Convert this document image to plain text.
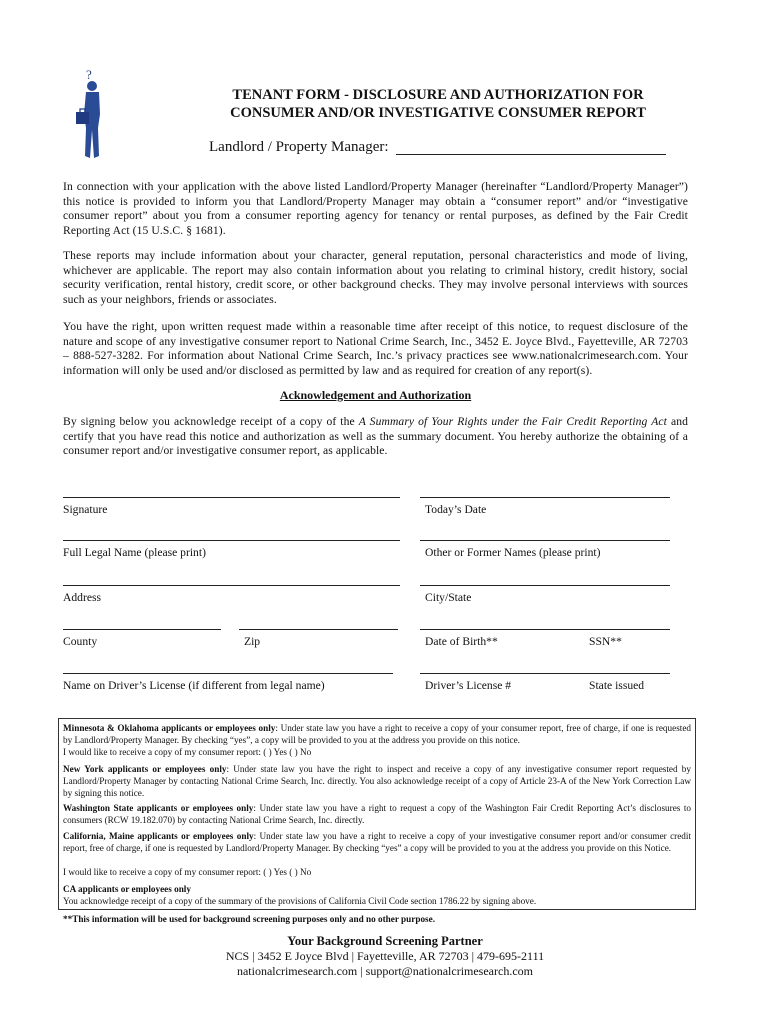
?
TENANT FORM - DISCLOSURE AND AUTHORIZATION FOR
CONSUMER AND/OR INVESTIGATIVE CONSUMER REPORT
Landlord / Property Manager:
In connection with your application with the above listed Landlord/Property Manager (hereinafter “Landlord/Property Manager”) this notice is provided to inform you that Landlord/Property Manager may obtain a “consumer report” and/or “investigative consumer report” about you from a consumer reporting agency for tenancy or rental purposes, as defined by the Fair Credit Reporting Act (15 U.S.C. § 1681).
These reports may include information about your character, general reputation, personal characteristics and mode of living, whichever are applicable. The report may also contain information about you relating to criminal history, credit history, social security verification, rental history, credit score, or other background checks. They may involve personal interviews with sources such as your neighbors, friends or associates.
You have the right, upon written request made within a reasonable time after receipt of this notice, to request disclosure of the nature and scope of any investigative consumer report to National Crime Search, Inc., 3452 E. Joyce Blvd., Fayetteville, AR 72703 – 888-527-3282. For information about National Crime Search, Inc.’s privacy practices see www.nationalcrimesearch.com. Your information will only be used and/or disclosed as permitted by law and as required for creation of any report(s).
Acknowledgement and Authorization
By signing below you acknowledge receipt of a copy of the A Summary of Your Rights under the Fair Credit Reporting Act and certify that you have read this notice and authorization as well as the summary document. You hereby authorize the obtaining of a consumer report and/or investigative consumer report, as applicable.
Signature	Today’s Date
Full Legal Name (please print)	Other or Former Names (please print)
Address	City/State
County	Zip	Date of Birth**	SSN**
Name on Driver’s License (if different from legal name)	Driver’s License #	State issued
Minnesota & Oklahoma applicants or employees only: Under state law you have a right to receive a copy of your consumer report, free of charge, if one is requested by Landlord/Property Manager. By checking “yes”, a copy will be provided to you at the address you provide on this notice.
I would like to receive a copy of my consumer report: ( ) Yes ( ) No
New York applicants or employees only: Under state law you have the right to inspect and receive a copy of any investigative consumer report requested by Landlord/Property Manager by contacting National Crime Search, Inc. directly. You also acknowledge receipt of a copy of Article 23-A of the New York Correction Law by signing this notice.
Washington State applicants or employees only: Under state law you have a right to request a copy of the Washington Fair Credit Reporting Act’s disclosures to consumers (RCW 19.182.070) by contacting National Crime Search, Inc. directly.
California, Maine applicants or employees only: Under state law you have a right to receive a copy of your investigative consumer report and/or consumer credit report, free of charge, if one is requested by Landlord/Property Manager. By checking “yes” a copy will be provided to you at the address you provide on this Notice.
I would like to receive a copy of my consumer report: ( ) Yes ( ) No
CA applicants or employees only
You acknowledge receipt of a copy of the summary of the provisions of California Civil Code section 1786.22 by signing above.
**This information will be used for background screening purposes only and no other purpose.
Your Background Screening Partner
NCS | 3452 E Joyce Blvd | Fayetteville, AR 72703 | 479-695-2111
nationalcrimesearch.com | support@nationalcrimesearch.com
